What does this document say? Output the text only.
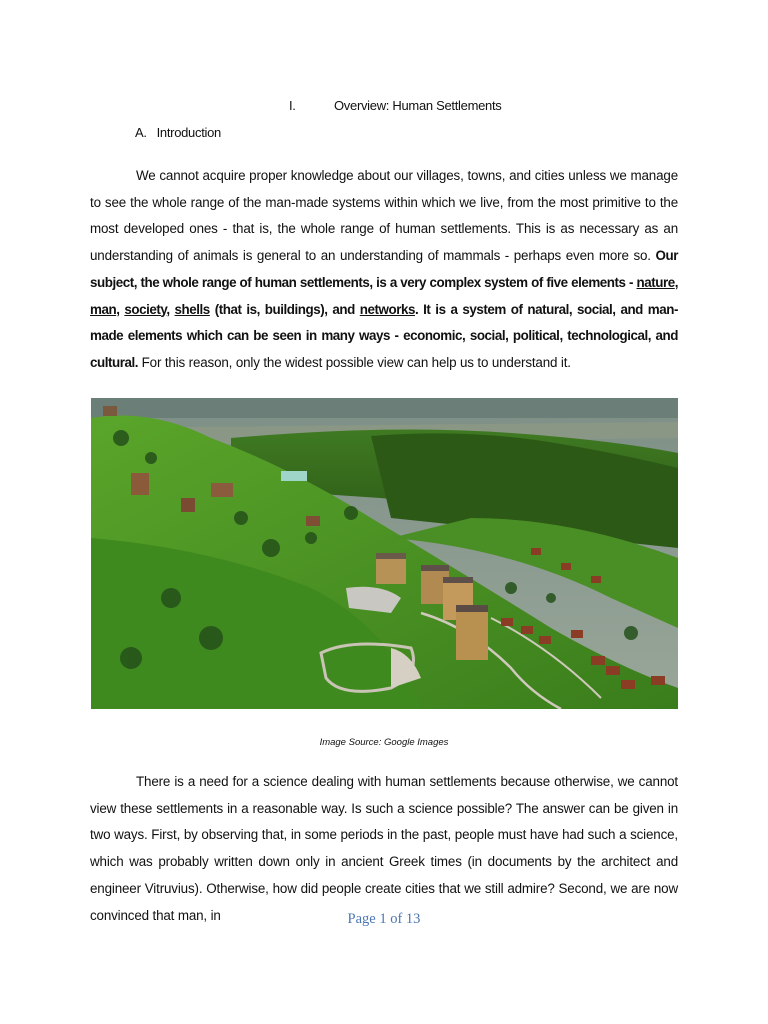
I.	Overview: Human Settlements
A.   Introduction

We cannot acquire proper knowledge about our villages, towns, and cities unless we manage to see the whole range of the man-made systems within which we live, from the most primitive to the most developed ones - that is, the whole range of human settlements. This is as necessary as an understanding of animals is general to an understanding of mammals - perhaps even more so. Our subject, the whole range of human settlements, is a very complex system of five elements - nature, man, society, shells (that is, buildings), and networks. It is a system of natural, social, and man-made elements which can be seen in many ways - economic, social, political, technological, and cultural. For this reason, only the widest possible view can help us to understand it.

Image Source: Google Images

There is a need for a science dealing with human settlements because otherwise, we cannot view these settlements in a reasonable way. Is such a science possible? The answer can be given in two ways. First, by observing that, in some periods in the past, people must have had such a science, which was probably written down only in ancient Greek times (in documents by the architect and engineer Vitruvius). Otherwise, how did people create cities that we still admire? Second, we are now convinced that man, in	Page 1 of 13
